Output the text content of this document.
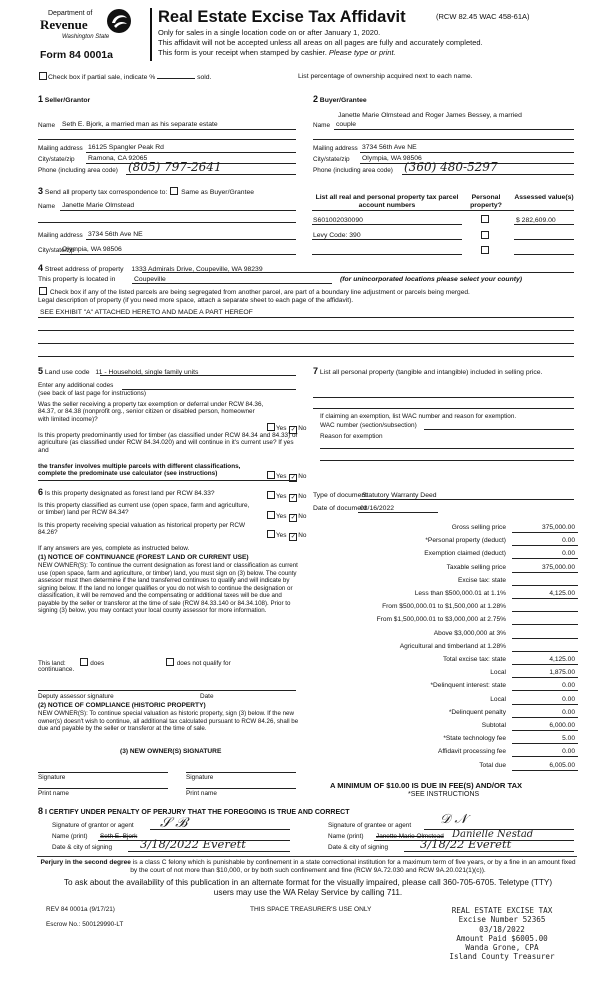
Department of
Revenue
Washington State
Form 84 0001a
Real Estate Excise Tax Affidavit	(RCW 82.45 WAC 458-61A)
Only for sales in a single location code on or after January 1, 2020.
This affidavit will not be accepted unless all areas on all pages are fully and accurately completed.
This form is your receipt when stamped by cashier. Please type or print.
Check box if partial sale, indicate %	sold.	List percentage of ownership acquired next to each name.
1 Seller/Grantor
Name Seth E. Bjork, a married man as his separate estate
Mailing address 16125 Spangler Peak Rd
City/state/zip Ramona, CA 92065
Phone (including area code) (805) 797-2641
2 Buyer/Grantee
Janette Marie Olmstead and Roger James Bessey, a married
Name couple
Mailing address 3734 56th Ave NE
City/state/zip Olympia, WA 98506
Phone (including area code) (360) 480-5297
3 Send all property tax correspondence to: Same as Buyer/Grantee
Name Janette Marie Olmstead
Mailing address 3734 56th Ave NE
City/state/zip
Olympia, WA 98506
List all real and personal property tax parcel account numbers
Personal property?
Assessed value(s)
S601002030090	$ 282,609.00
Levy Code: 390
4 Street address of property 1333 Admirals Drive, Coupeville, WA 98239
This property is located in	Coupeville	(for unincorporated locations please select your county)
Check box if any of the listed parcels are being segregated from another parcel, are part of a boundary line adjustment or parcels being merged.
Legal description of property (if you need more space, attach a separate sheet to each page of the affidavit).
SEE EXHIBIT "A" ATTACHED HERETO AND MADE A PART HEREOF
5 Land use code 11 - Household, single family units
Enter any additional codes
(see back of last page for instructions)
Was the seller receiving a property tax exemption or deferral under RCW 84.36, 84.37, or 84.38 (nonprofit org., senior citizen or disabled person, homeowner with limited income)?
Yes ✓ No
Is this property predominantly used for timber (as classified under RCW 84.34 and 84.33) or agriculture (as classified under RCW 84.34.020) and will continue in it's current use? If yes and
the transfer involves multiple parcels with different classifications, complete the predominate use calculator (see instructions)	Yes ✓ No
7 List all personal property (tangible and intangible) included in selling price.
If claiming an exemption, list WAC number and reason for exemption.
WAC number (section/subsection)
Reason for exemption
6 Is this property designated as forest land per RCW 84.33?	Yes ✓ No
Is this property classified as current use (open space, farm and agriculture, or timber) land per RCW 84.34?
Yes ✓ No
Is this property receiving special valuation as historical property per RCW 84.26?	Yes ✓ No
If any answers are yes, complete as instructed below.
(1) NOTICE OF CONTINUANCE (FOREST LAND OR CURRENT USE)
NEW OWNER(S): To continue the current designation as forest land or classification as current use (open space, farm and agriculture, or timber) land, you must sign on (3) below. The county assessor must then determine if the land transferred continues to qualify and will indicate by signing below. If the land no longer qualifies or you do not wish to continue the designation or classification, it will be removed and the compensating or additional taxes will be due and payable by the seller or transferor at the time of sale (RCW 84.33.140 or 84.34.108). Prior to signing (3) below, you may contact your local county assessor for more information.
This land:	does	does not qualify for
continuance.
Deputy assessor signature	Date
(2) NOTICE OF COMPLIANCE (HISTORIC PROPERTY)
NEW OWNER(S): To continue special valuation as historic property, sign (3) below. If the new owner(s) doesn't wish to continue, all additional tax calculated pursuant to RCW 84.26, shall be due and payable by the seller or transferor at the time of sale.
(3) NEW OWNER(S) SIGNATURE
Signature	Signature
Print name	Print name
Type of document
Statutory Warranty Deed
Date of document
03/16/2022
Gross selling price	375,000.00
*Personal property (deduct)	0.00
Exemption claimed (deduct)	0.00
Taxable selling price	375,000.00
Excise tax: state
Less than $500,000.01 at 1.1%	4,125.00
From $500,000.01 to $1,500,000 at 1.28%
From $1,500,000.01 to $3,000,000 at 2.75%
Above $3,000,000 at 3%
Agricultural and timberland at 1.28%
Total excise tax: state	4,125.00
Local	1,875.00
*Delinquent interest: state	0.00
Local	0.00
*Delinquent penalty	0.00
Subtotal	6,000.00
*State technology fee	5.00
Affidavit processing fee	0.00
Total due	6,005.00
A MINIMUM OF $10.00 IS DUE IN FEE(S) AND/OR TAX
*SEE INSTRUCTIONS
8 I CERTIFY UNDER PENALTY OF PERJURY THAT THE FOREGOING IS TRUE AND CORRECT
Signature of grantor or agent 𝒮 ℬ
Name (print) Seth E. Bjork
Date & city of signing 3/18/2022 Everett
Signature of grantee or agent 𝒟 𝒩
Name (print) Janette Marie Olmstead Danielle Nestad
Date & city of signing	3/18/22 Everett
Perjury in the second degree is a class C felony which is punishable by confinement in a state correctional institution for a maximum term of five years, or by a fine in an amount fixed by the court of not more than $10,000, or by both such confinement and fine (RCW 9A.72.030 and RCW 9A.20.021(1)(c)).
To ask about the availability of this publication in an alternate format for the visually impaired, please call 360-705-6705. Teletype (TTY) users may use the WA Relay Service by calling 711.
REV 84 0001a (9/17/21)	THIS SPACE TREASURER'S USE ONLY
Escrow No.: 500129990-LT
REAL ESTATE EXCISE TAX
Excise Number 52365
03/18/2022
Amount Paid $6005.00
Wanda Grone, CPA
Island County Treasurer
